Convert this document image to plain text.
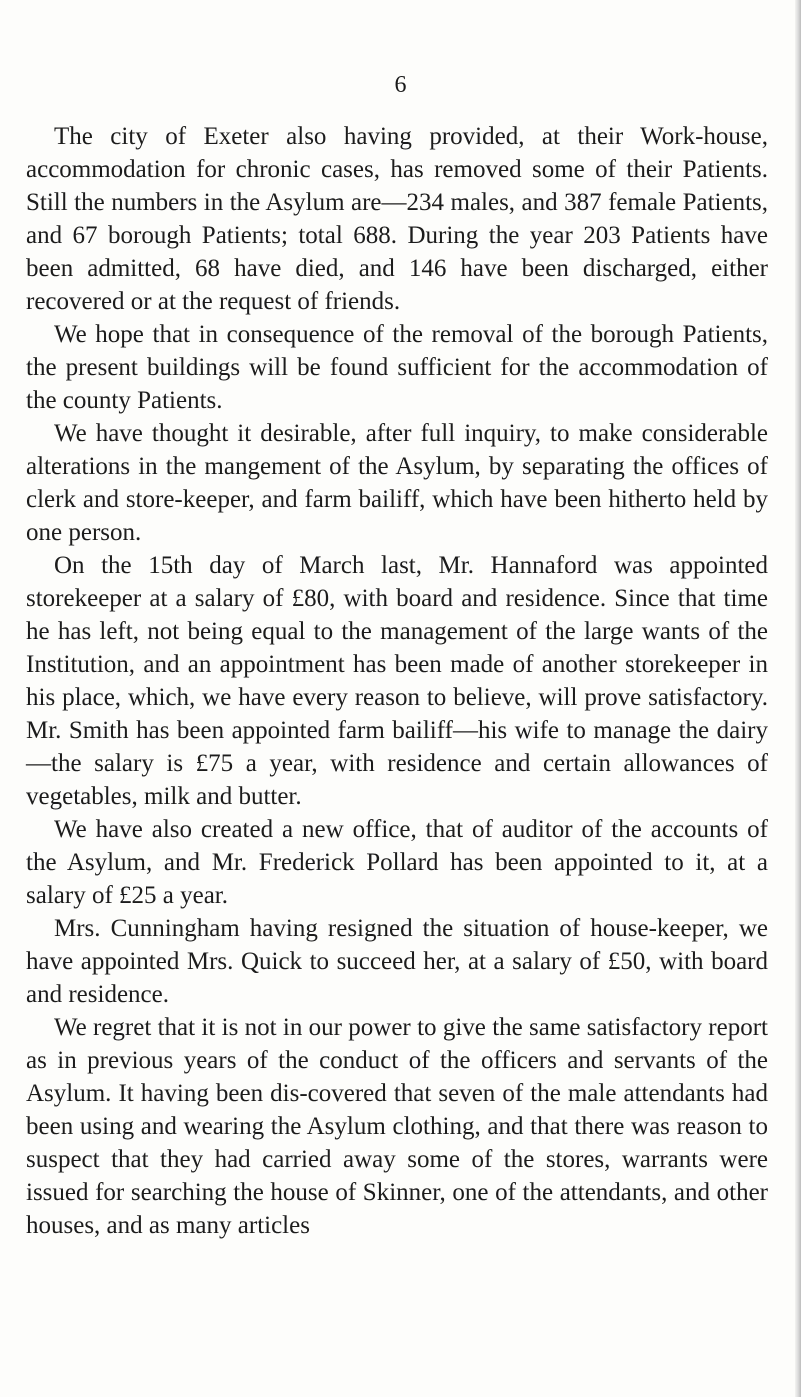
6

The city of Exeter also having provided, at their Work-house, accommodation for chronic cases, has removed some of their Patients. Still the numbers in the Asylum are—234 males, and 387 female Patients, and 67 borough Patients; total 688. During the year 203 Patients have been admitted, 68 have died, and 146 have been discharged, either recovered or at the request of friends.

We hope that in consequence of the removal of the borough Patients, the present buildings will be found sufficient for the accommodation of the county Patients.

We have thought it desirable, after full inquiry, to make considerable alterations in the mangement of the Asylum, by separating the offices of clerk and store-keeper, and farm bailiff, which have been hitherto held by one person.

On the 15th day of March last, Mr. Hannaford was appointed storekeeper at a salary of £80, with board and residence. Since that time he has left, not being equal to the management of the large wants of the Institution, and an appointment has been made of another storekeeper in his place, which, we have every reason to believe, will prove satisfactory. Mr. Smith has been appointed farm bailiff—his wife to manage the dairy—the salary is £75 a year, with residence and certain allowances of vegetables, milk and butter.

We have also created a new office, that of auditor of the accounts of the Asylum, and Mr. Frederick Pollard has been appointed to it, at a salary of £25 a year.

Mrs. Cunningham having resigned the situation of house-keeper, we have appointed Mrs. Quick to succeed her, at a salary of £50, with board and residence.

We regret that it is not in our power to give the same satisfactory report as in previous years of the conduct of the officers and servants of the Asylum. It having been dis-covered that seven of the male attendants had been using and wearing the Asylum clothing, and that there was reason to suspect that they had carried away some of the stores, warrants were issued for searching the house of Skinner, one of the attendants, and other houses, and as many articles
